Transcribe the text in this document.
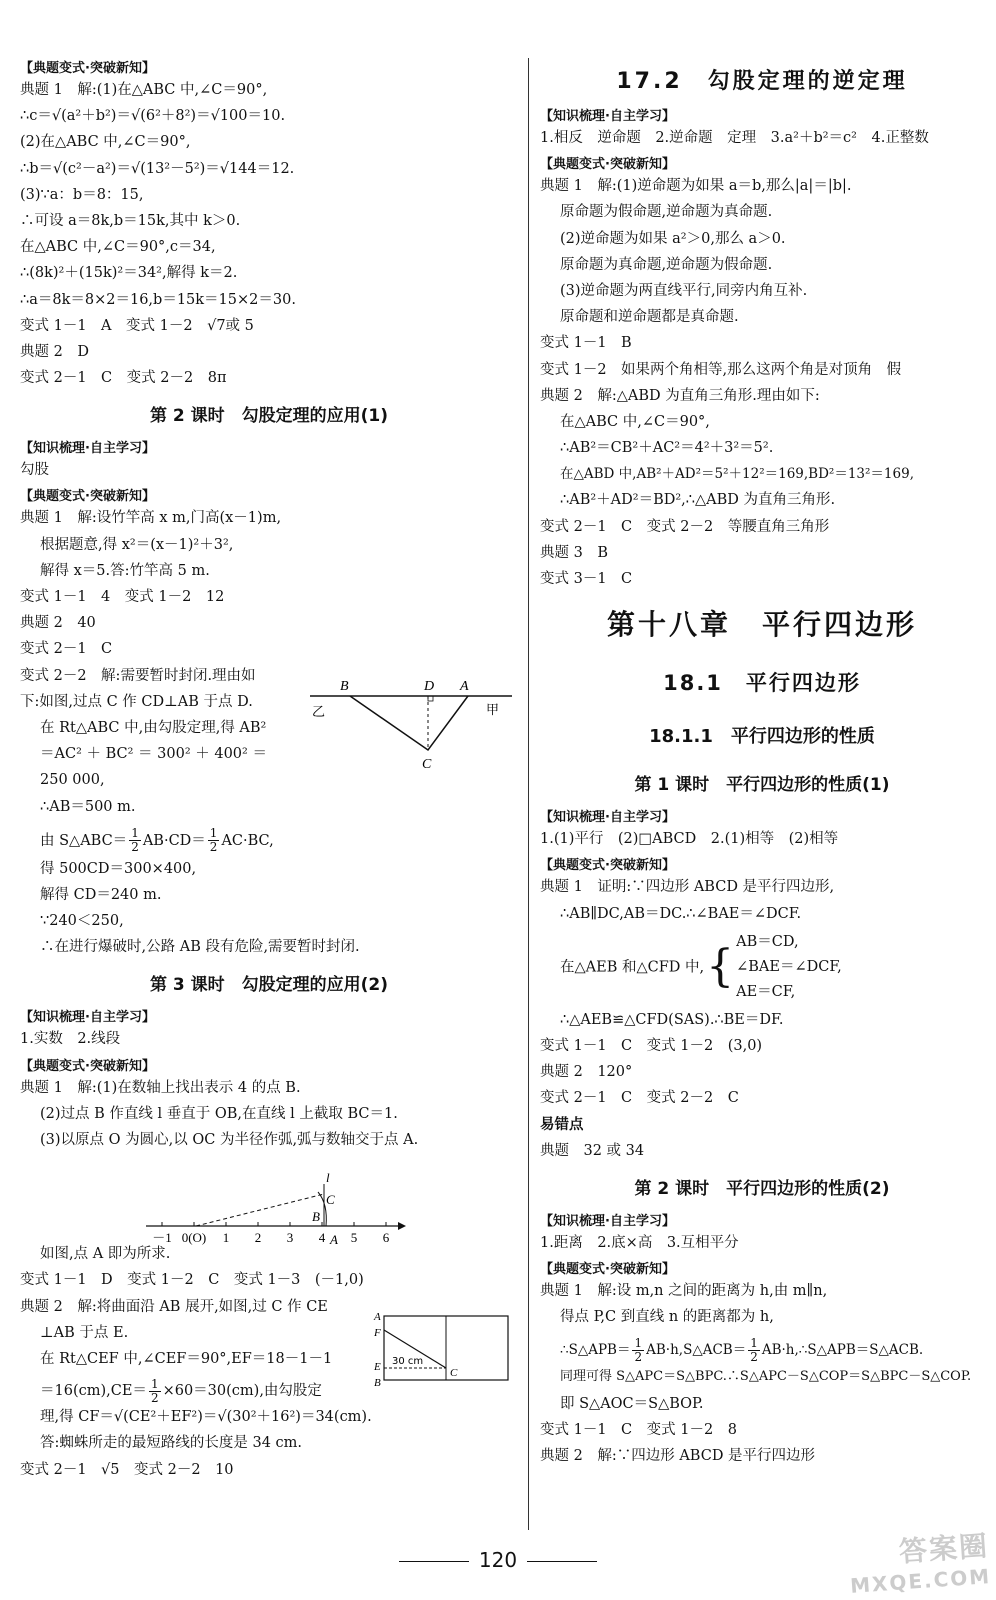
【典题变式·突破新知】
典题 1　解:(1)在△ABC 中,∠C＝90°,
∴c＝√(a²＋b²)＝√(6²＋8²)＝√100＝10.
(2)在△ABC 中,∠C＝90°,
∴b＝√(c²－a²)＝√(13²－5²)＝√144＝12.
(3)∵a：b＝8：15,
∴可设 a＝8k,b＝15k,其中 k＞0.
在△ABC 中,∠C＝90°,c＝34,
∴(8k)²＋(15k)²＝34²,解得 k＝2.
∴a＝8k＝8×2＝16,b＝15k＝15×2＝30.
变式 1－1　A　变式 1－2　√7或 5
典题 2　D
变式 2－1　C　变式 2－2　8π
第 2 课时　勾股定理的应用(1)
【知识梳理·自主学习】
勾股
【典题变式·突破新知】
典题 1　解:设竹竿高 x m,门高(x－1)m,
根据题意,得 x²＝(x－1)²＋3²,
解得 x＝5.答:竹竿高 5 m.
变式 1－1　4　变式 1－2　12
典题 2　40
变式 2－1　C
变式 2－2　解:需要暂时封闭.理由如
下:如图,过点 C 作 CD⊥AB 于点 D.
在 Rt△ABC 中,由勾股定理,得 AB²
＝AC² ＋ BC² ＝ 300² ＋ 400² ＝
250 000,
∴AB＝500 m.
由 S△ABC＝ $\frac{1}{2} AB\cdot CD= \frac{1}{2} AC\cdot BC$,
得 500CD＝300×400,
解得 CD＝240 m.
∵240＜250,
∴在进行爆破时,公路 AB 段有危险,需要暂时封闭.
第 3 课时　勾股定理的应用(2)
【知识梳理·自主学习】
1.实数　2.线段
【典题变式·突破新知】
典题 1　解:(1)在数轴上找出表示 4 的点 B.
(2)过点 B 作直线 l 垂直于 OB,在直线 l 上截取 BC＝1.
(3)以原点 O 为圆心,以 OC 为半径作弧,弧与数轴交于点 A.
如图,点 A 即为所求.
变式 1－1　D　变式 1－2　C　变式 1－3　(－1,0)
典题 2　解:将曲面沿 AB 展开,如图,过 C 作 CE
⊥AB 于点 E.
在 Rt△CEF 中,∠CEF＝90°,EF＝18－1－1
$=16(cm),CE= \frac{1}{2} \times 60=30(cm)$,由勾股定
理,得 CF＝√(CE²＋EF²)＝√(30²＋16²)＝34(cm).
答:蜘蛛所走的最短路线的长度是 34 cm.
变式 2－1　√5　变式 2－2　10
B	D A
C
乙	甲
－1 0(O) 1 2 3 4 5 6
l
C
B
A
A
F
E
B
C
30 cm
17.2　勾股定理的逆定理
【知识梳理·自主学习】
1.相反　逆命题　2.逆命题　定理　3.a²＋b²＝c²　4.正整数
【典题变式·突破新知】
典题 1　解:(1)逆命题为如果 a＝b,那么|a|＝|b|.
原命题为假命题,逆命题为真命题.
(2)逆命题为如果 a²＞0,那么 a＞0.
原命题为真命题,逆命题为假命题.
(3)逆命题为两直线平行,同旁内角互补.
原命题和逆命题都是真命题.
变式 1－1　B
变式 1－2　如果两个角相等,那么这两个角是对顶角　假
典题 2　解:△ABD 为直角三角形.理由如下:
在△ABC 中,∠C＝90°,
∴AB²＝CB²＋AC²＝4²＋3²＝5².
在△ABD 中,AB²＋AD²＝5²＋12²＝169,BD²＝13²＝169,
∴AB²＋AD²＝BD²,∴△ABD 为直角三角形.
变式 2－1　C　变式 2－2　等腰直角三角形
典题 3　B
变式 3－1　C
第十八章　平行四边形
18.1　平行四边形
18.1.1　平行四边形的性质
第 1 课时　平行四边形的性质(1)
【知识梳理·自主学习】
1.(1)平行　(2)□ABCD　2.(1)相等　(2)相等
【典题变式·突破新知】
典题 1　证明:∵四边形 ABCD 是平行四边形,
∴AB∥DC,AB＝DC.∴∠BAE＝∠DCF.
在△AEB 和△CFD 中,{ AB＝CD,
∠BAE＝∠DCF,
AE＝CF,
∴△AEB≌△CFD(SAS).∴BE＝DF.
变式 1－1　C　变式 1－2　(3,0)
典题 2　120°
变式 2－1　C　变式 2－2　C
易错点
典题　32 或 34
第 2 课时　平行四边形的性质(2)
【知识梳理·自主学习】
1.距离　2.底×高　3.互相平分
【典题变式·突破新知】
典题 1　解:设 m,n 之间的距离为 h,由 m∥n,
得点 P,C 到直线 n 的距离都为 h,
∴S△APB＝ $\frac{1}{2}$ AB·h,S△ACB＝ $\frac{1}{2}$ AB·h,∴S△APB＝S△ACB.
同理可得 S△APC＝S△BPC.∴S△APC－S△COP＝S△BPC－S△COP.
即 S△AOC＝S△BOP.
变式 1－1　C　变式 1－2　8
典题 2　解:∵四边形 ABCD 是平行四边形
120	答案圈
MXQE.COM
